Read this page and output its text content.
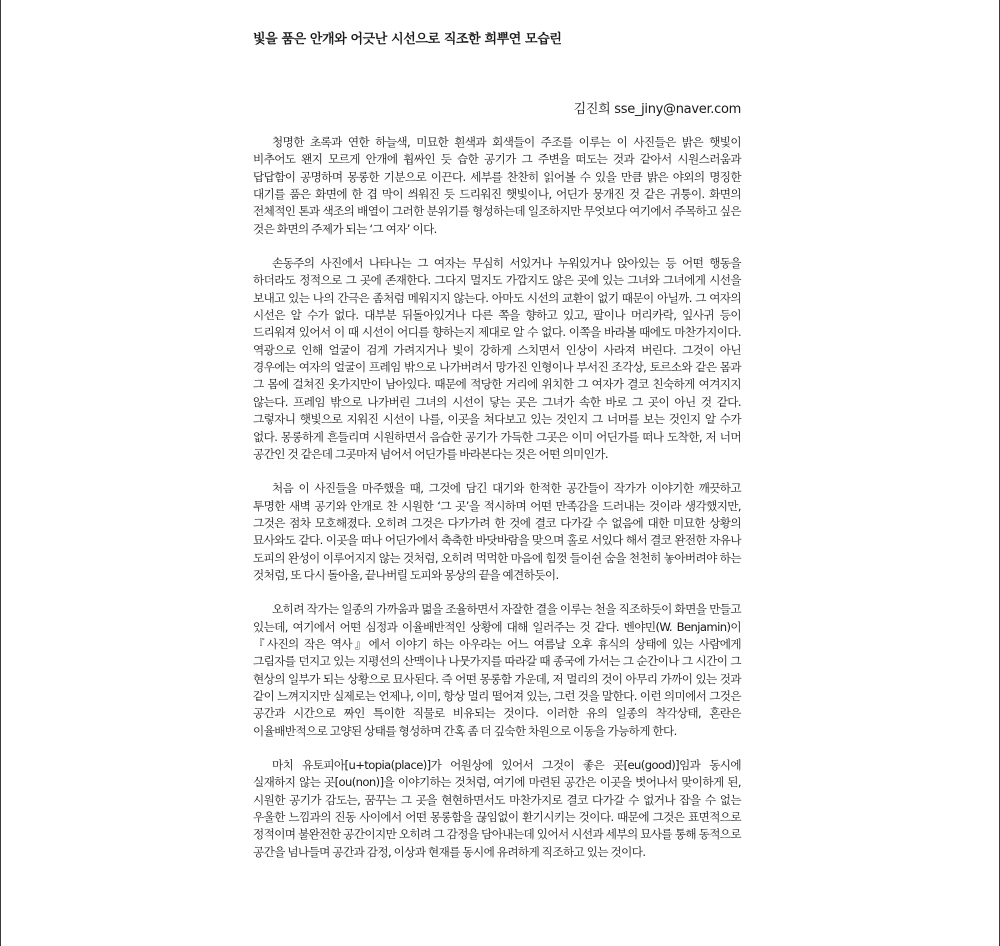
빛을 품은 안개와 어긋난 시선으로 직조한 희뿌연 모습린
김진희 sse_jiny@naver.com

청명한 초록과 연한 하늘색, 미묘한 흰색과 회색들이 주조를 이루는 이 사진들은 밝은 햇빛이 비추어도 왠지 모르게 안개에 휩싸인 듯 습한 공기가 그 주변을 떠도는 것과 같아서 시원스러움과 답답함이 공명하며 몽롱한 기분으로 이끈다. 세부를 찬찬히 읽어볼 수 있을 만큼 밝은 야외의 명징한 대기를 품은 화면에 한 겹 막이 씌워진 듯 드리워진 햇빛이나, 어딘가 뭉개진 것 같은 귀퉁이. 화면의 전체적인 톤과 색조의 배열이 그러한 분위기를 형성하는데 일조하지만 무엇보다 여기에서 주목하고 싶은 것은 화면의 주제가 되는 ‘그 여자’ 이다.

손동주의 사진에서 나타나는 그 여자는 무심히 서있거나 누워있거나 앉아있는 등 어떤 행동을 하더라도 정적으로 그 곳에 존재한다. 그다지 멀지도 가깝지도 않은 곳에 있는 그녀와 그녀에게 시선을 보내고 있는 나의 간극은 좀처럼 메워지지 않는다. 아마도 시선의 교환이 없기 때문이 아닐까. 그 여자의 시선은 알 수가 없다. 대부분 뒤돌아있거나 다른 쪽을 향하고 있고, 팔이나 머리카락, 잎사귀 등이 드리워져 있어서 이 때 시선이 어디를 향하는지 제대로 알 수 없다. 이쪽을 바라볼 때에도 마찬가지이다. 역광으로 인해 얼굴이 검게 가려지거나 빛이 강하게 스치면서 인상이 사라져 버린다. 그것이 아닌 경우에는 여자의 얼굴이 프레임 밖으로 나가버려서 망가진 인형이나 부서진 조각상, 토르소와 같은 몸과 그 몸에 걸쳐진 옷가지만이 남아있다. 때문에 적당한 거리에 위치한 그 여자가 결코 친숙하게 여겨지지 않는다. 프레임 밖으로 나가버린 그녀의 시선이 닿는 곳은 그녀가 속한 바로 그 곳이 아닌 것 같다. 그렇자니 햇빛으로 지워진 시선이 나를, 이곳을 쳐다보고 있는 것인지 그 너머를 보는 것인지 알 수가 없다. 몽롱하게 흔들리며 시원하면서 음습한 공기가 가득한 그곳은 이미 어딘가를 떠나 도착한, 저 너머 공간인 것 같은데 그곳마저 넘어서 어딘가를 바라본다는 것은 어떤 의미인가.

처음 이 사진들을 마주했을 때, 그것에 담긴 대기와 한적한 공간들이 작가가 이야기한 깨끗하고 투명한 새벽 공기와 안개로 찬 시원한 ‘그 곳’을 적시하며 어떤 만족감을 드러내는 것이라 생각했지만, 그것은 점차 모호해졌다. 오히려 그것은 다가가려 한 것에 결코 다가갈 수 없음에 대한 미묘한 상황의 묘사와도 같다. 이곳을 떠나 어딘가에서 축축한 바닷바람을 맞으며 홀로 서있다 해서 결코 완전한 자유나 도피의 완성이 이루어지지 않는 것처럼, 오히려 먹먹한 마음에 힘껏 들이쉰 숨을 천천히 놓아버려야 하는 것처럼, 또 다시 돌아올, 끝나버릴 도피와 몽상의 끝을 예견하듯이.

오히려 작가는 일종의 가까움과 멂을 조율하면서 자잘한 결을 이루는 천을 직조하듯이 화면을 만들고 있는데, 여기에서 어떤 심정과 이율배반적인 상황에 대해 일러주는 것 같다. 벤야민(W. Benjamin)이 『사진의 작은 역사』에서 이야기 하는 아우라는 어느 여름날 오후 휴식의 상태에 있는 사람에게 그림자를 던지고 있는 지평선의 산맥이나 나뭇가지를 따라갈 때 종국에 가서는 그 순간이나 그 시간이 그 현상의 일부가 되는 상황으로 묘사된다. 즉 어떤 몽롱함 가운데, 저 멀리의 것이 아무리 가까이 있는 것과 같이 느껴지지만 실제로는 언제나, 이미, 항상 멀리 떨어져 있는, 그런 것을 말한다. 이런 의미에서 그것은 공간과 시간으로 짜인 특이한 직물로 비유되는 것이다. 이러한 유의 일종의 착각상태, 혼란은 이율배반적으로 고양된 상태를 형성하며 간혹 좀 더 깊숙한 차원으로 이동을 가능하게 한다.

마치 유토피아[u+topia(place)]가 어원상에 있어서 그것이 좋은 곳[eu(good)]임과 동시에 실재하지 않는 곳[ou(non)]을 이야기하는 것처럼, 여기에 마련된 공간은 이곳을 벗어나서 맞이하게 된, 시원한 공기가 감도는, 꿈꾸는 그 곳을 현현하면서도 마찬가지로 결코 다가갈 수 없거나 잡을 수 없는 우울한 느낌과의 진동 사이에서 어떤 몽롱함을 끊임없이 환기시키는 것이다. 때문에 그것은 표면적으로 정적이며 불완전한 공간이지만 오히려 그 감정을 담아내는데 있어서 시선과 세부의 묘사를 통해 동적으로 공간을 넘나들며 공간과 감정, 이상과 현재를 동시에 유려하게 직조하고 있는 것이다.
